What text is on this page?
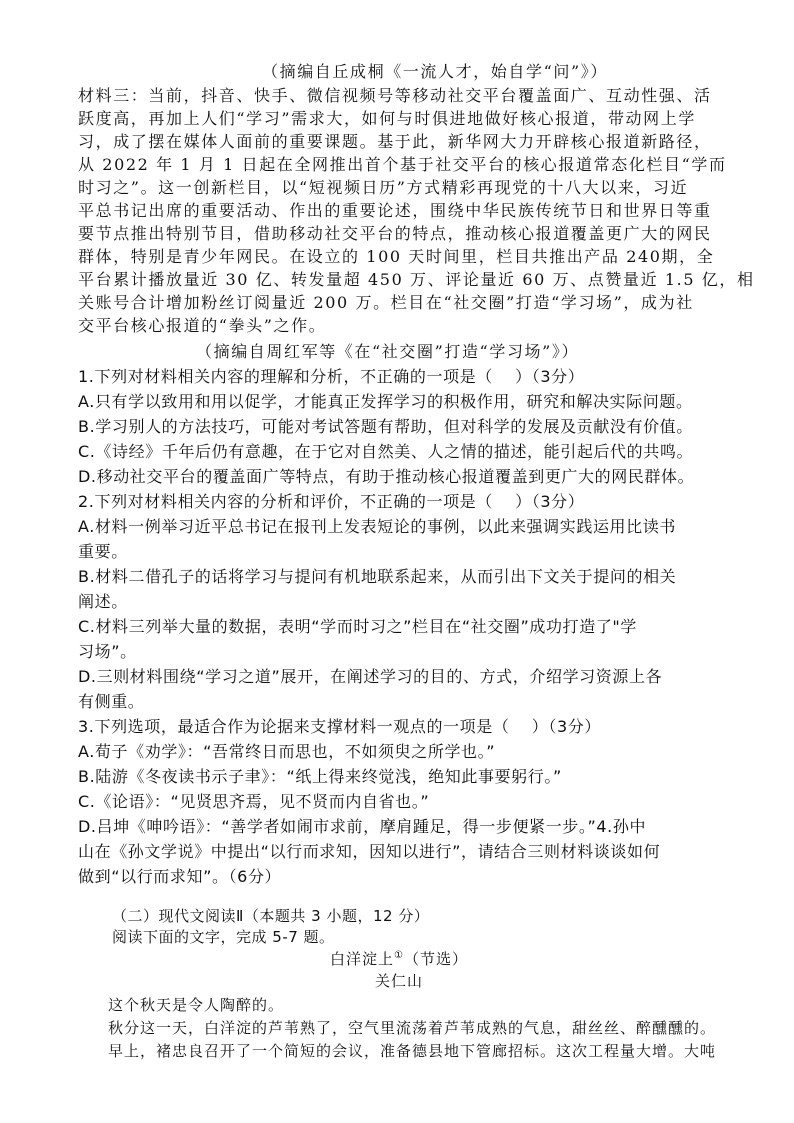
（摘编自丘成桐《一流人才，始自学“问”》）
材料三：当前，抖音、快手、微信视频号等移动社交平台覆盖面广、互动性强、活
跃度高，再加上人们“学习”需求大，如何与时俱进地做好核心报道，带动网上学
习，成了摆在媒体人面前的重要课题。基于此，新华网大力开辟核心报道新路径，
从 2022 年 1 月 1 日起在全网推出首个基于社交平台的核心报道常态化栏目“学而
时习之”。这一创新栏目，以“短视频日历”方式精彩再现党的十八大以来，习近
平总书记出席的重要活动、作出的重要论述，围绕中华民族传统节日和世界日等重
要节点推出特别节目，借助移动社交平台的特点，推动核心报道覆盖更广大的网民
群体，特别是青少年网民。在设立的 100 天时间里，栏目共推出产品 240期，全
平台累计播放量近 30 亿、转发量超 450 万、评论量近 60 万、点赞量近 1.5 亿，相
关账号合计增加粉丝订阅量近 200 万。栏目在“社交圈”打造“学习场”，成为社
交平台核心报道的“拳头”之作。
（摘编自周红军等《在“社交圈”打造“学习场”》）
1.下列对材料相关内容的理解和分析，不正确的一项是（　 ）（3分）
A.只有学以致用和用以促学，才能真正发挥学习的积极作用，研究和解决实际问题。
B.学习别人的方法技巧，可能对考试答题有帮助，但对科学的发展及贡献没有价值。
C.《诗经》千年后仍有意趣，在于它对自然美、人之情的描述，能引起后代的共鸣。
D.移动社交平台的覆盖面广等特点，有助于推动核心报道覆盖到更广大的网民群体。
2.下列对材料相关内容的分析和评价，不正确的一项是（　 ）（3分）
A.材料一例举习近平总书记在报刊上发表短论的事例，以此来强调实践运用比读书
重要。
B.材料二借孔子的话将学习与提问有机地联系起来，从而引出下文关于提问的相关
阐述。
C.材料三列举大量的数据，表明“学而时习之”栏目在“社交圈”成功打造了"学
习场”。
D.三则材料围绕“学习之道”展开，在阐述学习的目的、方式，介绍学习资源上各
有侧重。
3.下列选项，最适合作为论据来支撑材料一观点的一项是（　 ）（3分）
A.荀子《劝学》：“吾常终日而思也，不如须臾之所学也。”
B.陆游《冬夜读书示子聿》：“纸上得来终觉浅，绝知此事要躬行。”
C.《论语》：“见贤思齐焉，见不贤而内自省也。”
D.吕坤《呻吟语》：“善学者如闹市求前，摩肩踵足，得一步便紧一步。”4.孙中
山在《孙文学说》中提出“以行而求知，因知以进行”，请结合三则材料谈谈如何
做到“以行而求知”。（6分）
（二）现代文阅读Ⅱ（本题共 3 小题，12 分）
阅读下面的文字，完成 5-7 题。
白洋淀上①（节选）
关仁山
这个秋天是令人陶醉的。
秋分这一天，白洋淀的芦苇熟了，空气里流荡着芦苇成熟的气息，甜丝丝、醉醺醺的。
早上，褚忠良召开了一个简短的会议，准备德县地下管廊招标。这次工程量大增。大吨
